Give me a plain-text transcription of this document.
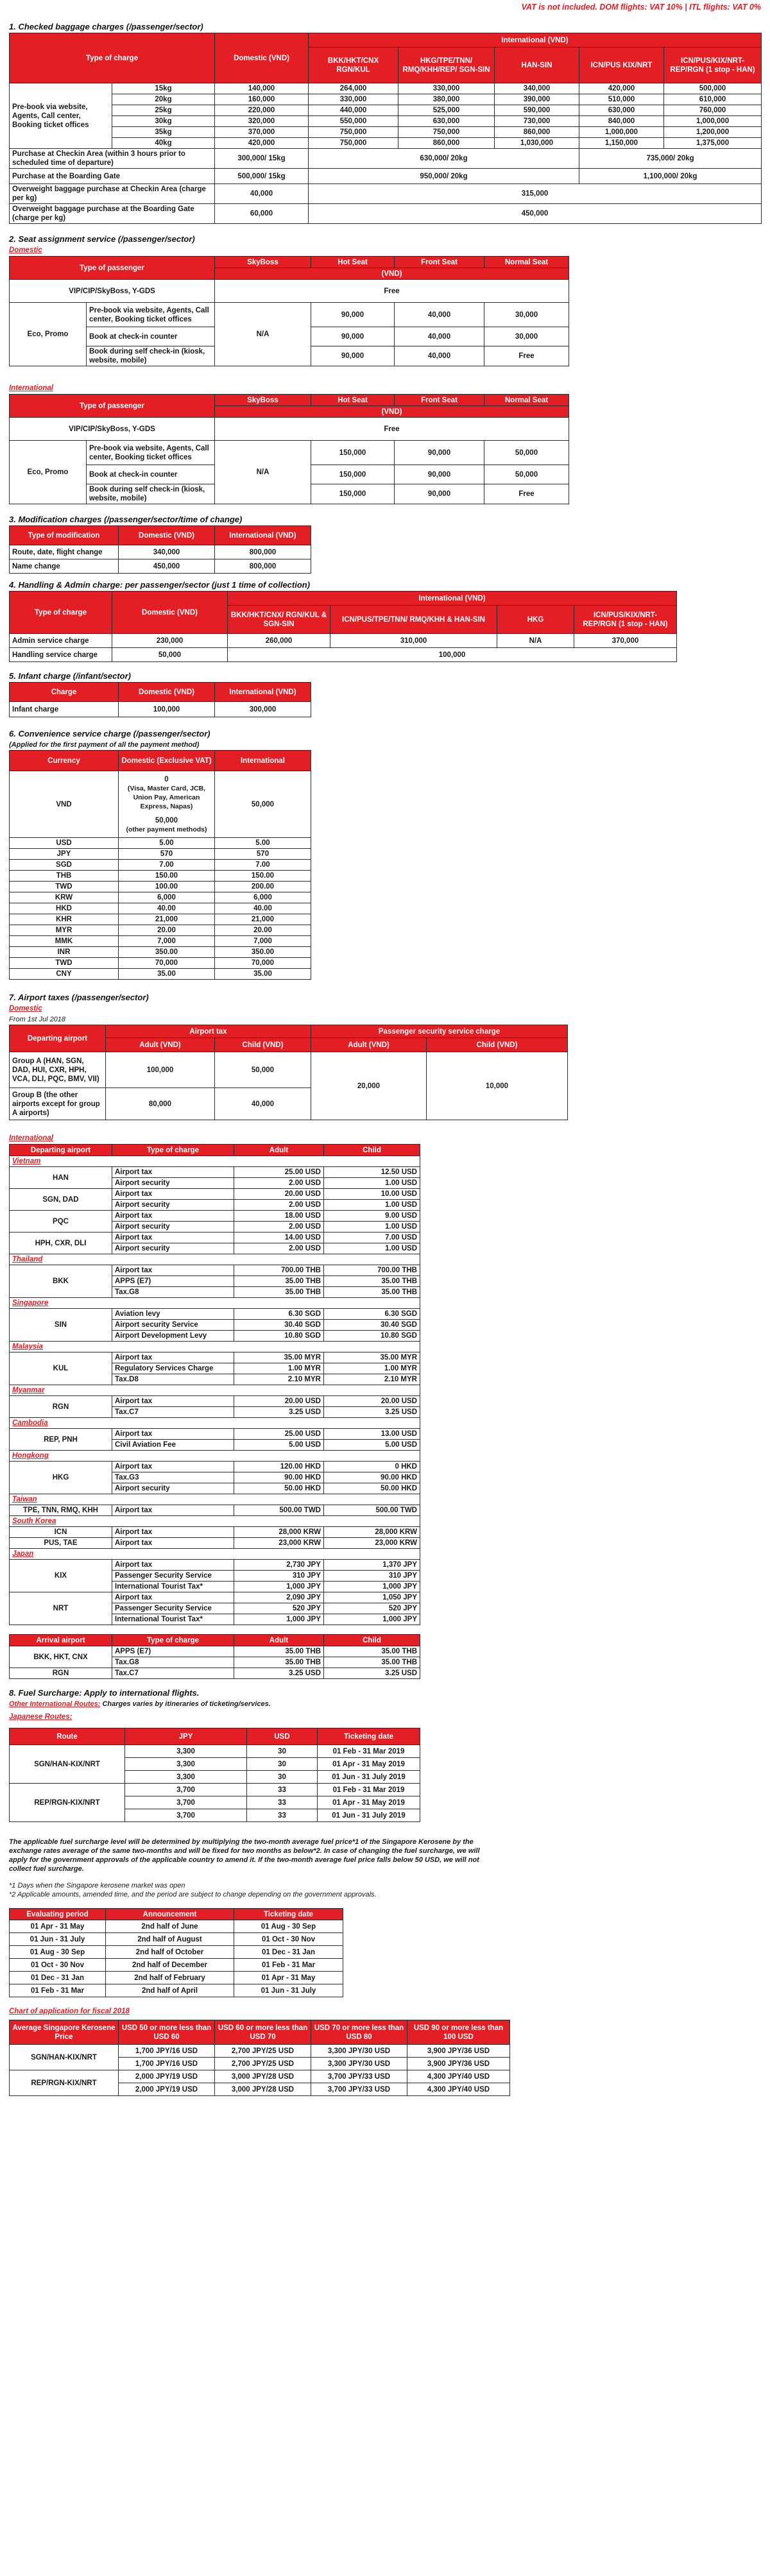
VAT is not included. DOM flights: VAT 10% | ITL flights: VAT 0%
1. Checked baggage charges (/passenger/sector)
Type of charge		Domestic (VND)	International (VND)				
			BKK/HKT/CNX RGN/KUL	HKG/TPE/TNN/ RMQ/KHH/REP/ SGN-SIN	HAN-SIN	ICN/PUS KIX/NRT	ICN/PUS/KIX/NRT- REP/RGN (1 stop - HAN)
Pre-book via website, Agents, Call center, Booking ticket offices	15kg	140,000	264,000	330,000	340,000	420,000	500,000
	20kg	160,000	330,000	380,000	390,000	510,000	610,000
	25kg	220,000	440,000	525,000	590,000	630,000	760,000
	30kg	320,000	550,000	630,000	730,000	840,000	1,000,000
	35kg	370,000	750,000	750,000	860,000	1,000,000	1,200,000
	40kg	420,000	750,000	860,000	1,030,000	1,150,000	1,375,000
Purchase at Checkin Area (within 3 hours prior to scheduled time of departure)		300,000/ 15kg	630,000/ 20kg			735,000/ 20kg	
Purchase at the Boarding Gate		500,000/ 15kg	950,000/ 20kg			1,100,000/ 20kg	
Overweight baggage purchase at Checkin Area (charge per kg)		40,000	315,000				
Overweight baggage purchase at the Boarding Gate (charge per kg)		60,000	450,000				
2. Seat assignment service (/passenger/sector)
Domestic
Type of passenger		SkyBoss	Hot Seat	Front Seat	Normal Seat
		(VND)			
VIP/CIP/SkyBoss, Y-GDS		Free			
Eco, Promo	Pre-book via website, Agents, Call center, Booking ticket offices	N/A	90,000	40,000	30,000
	Book at check-in counter		90,000	40,000	30,000
	Book during self check-in (kiosk, website, mobile)		90,000	40,000	Free
International
Type of passenger		SkyBoss	Hot Seat	Front Seat	Normal Seat
		(VND)			
VIP/CIP/SkyBoss, Y-GDS		Free			
Eco, Promo	Pre-book via website, Agents, Call center, Booking ticket offices	N/A	150,000	90,000	50,000
	Book at check-in counter		150,000	90,000	50,000
	Book during self check-in (kiosk, website, mobile)		150,000	90,000	Free
3. Modification charges (/passenger/sector/time of change)
Type of modification	Domestic (VND)	International (VND)
Route, date, flight change	340,000	800,000
Name change	450,000	800,000
4. Handling & Admin charge: per passenger/sector (just 1 time of collection)
Type of charge	Domestic (VND)	International (VND)			
		BKK/HKT/CNX/ RGN/KUL & SGN-SIN	ICN/PUS/TPE/TNN/ RMQ/KHH & HAN-SIN	HKG	ICN/PUS/KIX/NRT- REP/RGN (1 stop - HAN)
Admin service charge	230,000	260,000	310,000	N/A	370,000
Handling service charge	50,000	100,000			
5. Infant charge (/infant/sector)
Charge	Domestic (VND)	International (VND)
Infant charge	100,000	300,000
6. Convenience service charge (/passenger/sector)
(Applied for the first payment of all the payment method)
Currency	Domestic (Exclusive VAT)	International
VND	0
(Visa, Master Card, JCB, Union Pay, American Express, Napas)
50,000
(other payment methods)	50,000
USD	5.00	5.00
JPY	570	570
SGD	7.00	7.00
THB	150.00	150.00
TWD	100.00	200.00
KRW	6,000	6,000
HKD	40.00	40.00
KHR	21,000	21,000
MYR	20.00	20.00
MMK	7,000	7,000
INR	350.00	350.00
TWD	70,000	70,000
CNY	35.00	35.00
7. Airport taxes (/passenger/sector)
Domestic
From 1st Jul 2018
Departing airport	Airport tax		Passenger security service charge	
	Adult (VND)	Child (VND)	Adult (VND)	Child (VND)
Group A (HAN, SGN, DAD, HUI, CXR, HPH, VCA, DLI, PQC, BMV, VII)	100,000	50,000	20,000	10,000
Group B (the other airports except for group A airports)	80,000	40,000		
International
Departing airport	Type of charge	Adult	Child
Vietnam			
HAN	Airport tax	25.00 USD	12.50 USD
	Airport security	2.00 USD	1.00 USD
SGN, DAD	Airport tax	20.00 USD	10.00 USD
	Airport security	2.00 USD	1.00 USD
PQC	Airport tax	18.00 USD	9.00 USD
	Airport security	2.00 USD	1.00 USD
HPH, CXR, DLI	Airport tax	14.00 USD	7.00 USD
	Airport security	2.00 USD	1.00 USD
Thailand			
BKK	Airport tax	700.00 THB	700.00 THB
	APPS (E7)	35.00 THB	35.00 THB
	Tax.G8	35.00 THB	35.00 THB
Singapore			
SIN	Aviation levy	6.30 SGD	6.30 SGD
	Airport security Service	30.40 SGD	30.40 SGD
	Airport Development Levy	10.80 SGD	10.80 SGD
Malaysia			
KUL	Airport tax	35.00 MYR	35.00 MYR
	Regulatory Services Charge	1.00 MYR	1.00 MYR
	Tax.D8	2.10 MYR	2.10 MYR
Myanmar			
RGN	Airport tax	20.00 USD	20.00 USD
	Tax.C7	3.25 USD	3.25 USD
Cambodia			
REP, PNH	Airport tax	25.00 USD	13.00 USD
	Civil Aviation Fee	5.00 USD	5.00 USD
Hongkong			
HKG	Airport tax	120.00 HKD	0 HKD
	Tax.G3	90.00 HKD	90.00 HKD
	Airport security	50.00 HKD	50.00 HKD
Taiwan			
TPE, TNN, RMQ, KHH	Airport tax	500.00 TWD	500.00 TWD
South Korea			
ICN	Airport tax	28,000 KRW	28,000 KRW
PUS, TAE	Airport tax	23,000 KRW	23,000 KRW
Japan			
KIX	Airport tax	2,730 JPY	1,370 JPY
	Passenger Security Service	310 JPY	310 JPY
	International Tourist Tax*	1,000 JPY	1,000 JPY
NRT	Airport tax	2,090 JPY	1,050 JPY
	Passenger Security Service	520 JPY	520 JPY
	International Tourist Tax*	1,000 JPY	1,000 JPY
Arrival airport	Type of charge	Adult	Child
BKK, HKT, CNX	APPS (E7)	35.00 THB	35.00 THB
	Tax.G8	35.00 THB	35.00 THB
RGN	Tax.C7	3.25 USD	3.25 USD
8. Fuel Surcharge: Apply to international flights.
Other International Routes: Charges varies by itineraries of ticketing/services.
Japanese Routes:
Route	JPY	USD	Ticketing date
SGN/HAN-KIX/NRT	3,300	30	01 Feb - 31 Mar 2019
	3,300	30	01 Apr - 31 May 2019
	3,300	30	01 Jun - 31 July 2019
REP/RGN-KIX/NRT	3,700	33	01 Feb - 31 Mar 2019
	3,700	33	01 Apr - 31 May 2019
	3,700	33	01 Jun - 31 July 2019
The applicable fuel surcharge level will be determined by multiplying the two-month average fuel price*1 of the Singapore Kerosene by the exchange rates average of the same two-months and will be fixed for two months as below*2. In case of changing the fuel surcharge, we will apply for the government approvals of the applicable country to amend it. If the two-month average fuel price falls below 50 USD, we will not collect fuel surcharge.
*1 Days when the Singapore kerosene market was open
*2 Applicable amounts, amended time, and the period are subject to change depending on the government approvals.
Evaluating period	Announcement	Ticketing date
01 Apr - 31 May	2nd half of June	01 Aug - 30 Sep
01 Jun - 31 July	2nd half of August	01 Oct - 30 Nov
01 Aug - 30 Sep	2nd half of October	01 Dec - 31 Jan
01 Oct - 30 Nov	2nd half of December	01 Feb - 31 Mar
01 Dec - 31 Jan	2nd half of February	01 Apr - 31 May
01 Feb - 31 Mar	2nd half of April	01 Jun - 31 July
Chart of application for fiscal 2018
Average Singapore Kerosene Price	USD 50 or more less than USD 60	USD 60 or more less than USD 70	USD 70 or more less than USD 80	USD 90 or more less than 100 USD
SGN/HAN-KIX/NRT	1,700 JPY/16 USD	2,700 JPY/25 USD	3,300 JPY/30 USD	3,900 JPY/36 USD
	1,700 JPY/16 USD	2,700 JPY/25 USD	3,300 JPY/30 USD	3,900 JPY/36 USD
REP/RGN-KIX/NRT	2,000 JPY/19 USD	3,000 JPY/28 USD	3,700 JPY/33 USD	4,300 JPY/40 USD
	2,000 JPY/19 USD	3,000 JPY/28 USD	3,700 JPY/33 USD	4,300 JPY/40 USD
